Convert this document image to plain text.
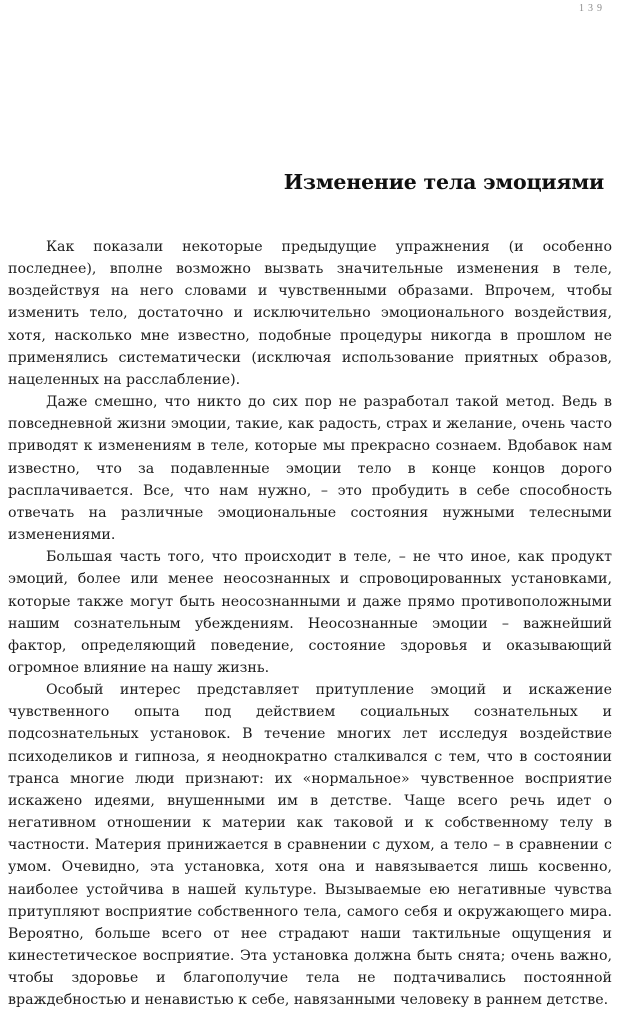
139
Изменение тела эмоциями

Как показали некоторые предыдущие упражнения (и особенно последнее), вполне возможно вызвать значительные изменения в теле, воздействуя на него словами и чувственными образами. Впрочем, чтобы изменить тело, достаточно и исключительно эмоционального воздействия, хотя, насколько мне известно, подобные процедуры никогда в прошлом не применялись систематически (исключая использование приятных образов, нацеленных на расслабление).

Даже смешно, что никто до сих пор не разработал такой метод. Ведь в повседневной жизни эмоции, такие, как радость, страх и желание, очень часто приводят к изменениям в теле, которые мы прекрасно сознаем. Вдобавок нам известно, что за подавленные эмоции тело в конце концов дорого расплачивается. Все, что нам нужно, – это пробудить в себе способность отвечать на различные эмоциональные состояния нужными телесными изменениями.

Большая часть того, что происходит в теле, – не что иное, как продукт эмоций, более или менее неосознанных и спровоцированных установками, которые также могут быть неосознанными и даже прямо противоположными нашим сознательным убеждениям. Неосознанные эмоции – важнейший фактор, определяющий поведение, состояние здоровья и оказывающий огромное влияние на нашу жизнь.

Особый интерес представляет притупление эмоций и искажение чувственного опыта под действием социальных сознательных и подсознательных установок. В течение многих лет исследуя воздействие психоделиков и гипноза, я неоднократно сталкивался с тем, что в состоянии транса многие люди признают: их «нормальное» чувственное восприятие искажено идеями, внушенными им в детстве. Чаще всего речь идет о негативном отношении к материи как таковой и к собственному телу в частности. Материя принижается в сравнении с духом, а тело – в сравнении с умом. Очевидно, эта установка, хотя она и навязывается лишь косвенно, наиболее устойчива в нашей культуре. Вызываемые ею негативные чувства притупляют восприятие собственного тела, самого себя и окружающего мира. Вероятно, больше всего от нее страдают наши тактильные ощущения и кинестетическое восприятие. Эта установка должна быть снята; очень важно, чтобы здоровье и благополучие тела не подтачивались постоянной враждебностью и ненавистью к себе, навязанными человеку в раннем детстве.
